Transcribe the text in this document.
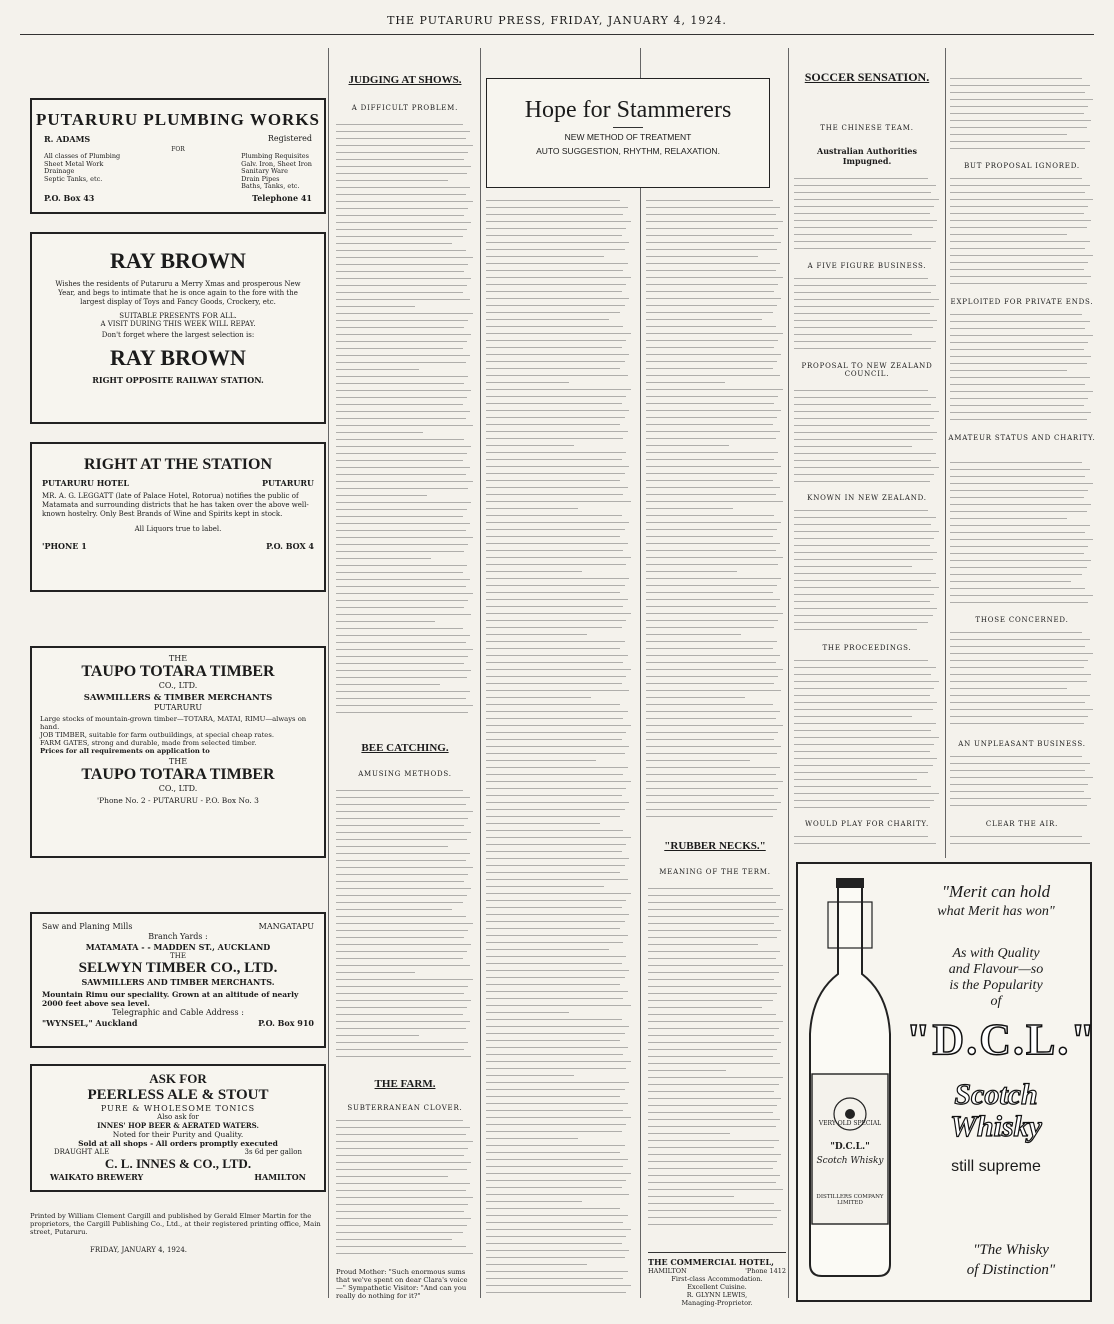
THE PUTARURU PRESS, FRIDAY, JANUARY 4, 1924.
PUTARURU PLUMBING WORKS
R. ADAMS	Registered
FOR
All classes of Plumbing
Sheet Metal Work
Drainage
Septic Tanks, etc.
Plumbing Requisites
Galv. Iron, Sheet Iron
Sanitary Ware
Drain Pipes
Baths, Tanks, etc.
P.O. Box 43	Telephone 41
RAY BROWN
Wishes the residents of Putaruru a Merry Xmas and prosperous New Year, and begs to intimate that he is once again to the fore with the largest display of Toys and Fancy Goods, Crockery, etc.
SUITABLE PRESENTS FOR ALL.
A VISIT DURING THIS WEEK WILL REPAY.
Don't forget where the largest selection is:
RAY BROWN
RIGHT OPPOSITE RAILWAY STATION.
RIGHT AT THE STATION
PUTARURU HOTEL	PUTARURU
MR. A. G. LEGGATT (late of Palace Hotel, Rotorua) notifies the public of Matamata and surrounding districts that he has taken over the above well-known hostelry. Only Best Brands of Wine and Spirits kept in stock.
All Liquors true to label.
'PHONE 1	P.O. BOX 4
THE
TAUPO TOTARA TIMBER
CO., LTD.
SAWMILLERS & TIMBER MERCHANTS
PUTARURU
Large stocks of mountain-grown timber—TOTARA, MATAI, RIMU—always on hand.
JOB TIMBER, suitable for farm outbuildings, at special cheap rates.
FARM GATES, strong and durable, made from selected timber.
Prices for all requirements on application to
THE
TAUPO TOTARA TIMBER
CO., LTD.
'Phone No. 2 - PUTARURU - P.O. Box No. 3
Saw and Planing Mills	MANGATAPU
Branch Yards :
MATAMATA - - MADDEN ST., AUCKLAND
THE
SELWYN TIMBER CO., LTD.
SAWMILLERS AND TIMBER MERCHANTS.
Mountain Rimu our speciality. Grown at an altitude of nearly 2000 feet above sea level.
Telegraphic and Cable Address :
"WYNSEL," Auckland	P.O. Box 910
ASK FOR
PEERLESS ALE & STOUT
PURE & WHOLESOME TONICS
Also ask for
INNES' HOP BEER & AERATED WATERS.
Noted for their Purity and Quality.
Sold at all shops - All orders promptly executed
DRAUGHT ALE	3s 6d per gallon
C. L. INNES & CO., LTD.
WAIKATO BREWERY	HAMILTON
Printed by William Clement Cargill and published by Gerald Elmer Martin for the proprietors, the Cargill Publishing Co., Ltd., at their registered printing office, Main street, Putaruru.
FRIDAY, JANUARY 4, 1924.
JUDGING AT SHOWS.
A DIFFICULT PROBLEM.
BEE CATCHING.
AMUSING METHODS.
THE FARM.
SUBTERRANEAN CLOVER.
Proud Mother: "Such enormous sums that we've spent on dear Clara's voice—" Sympathetic Visitor: "And can you really do nothing for it?"
Hope for Stammerers
NEW METHOD OF TREATMENT
AUTO SUGGESTION, RHYTHM, RELAXATION.
"RUBBER NECKS."
MEANING OF THE TERM.
THE COMMERCIAL HOTEL,
HAMILTON	'Phone 1412
First-class Accommodation.
Excellent Cuisine.
R. GLYNN LEWIS,
Managing-Proprietor.
SOCCER SENSATION.
THE CHINESE TEAM.
Australian Authorities Impugned.
A FIVE FIGURE BUSINESS.
PROPOSAL TO NEW ZEALAND COUNCIL.
KNOWN IN NEW ZEALAND.
THE PROCEEDINGS.
WOULD PLAY FOR CHARITY.
BUT PROPOSAL IGNORED.
EXPLOITED FOR PRIVATE ENDS.
AMATEUR STATUS AND CHARITY.
THOSE CONCERNED.
AN UNPLEASANT BUSINESS.
CLEAR THE AIR.
VERY OLD SPECIAL
"D.C.L."
Scotch Whisky
DISTILLERS COMPANY LIMITED
"Merit can hold
what Merit has won"
As with Quality
and Flavour—so
is the Popularity
of
"D.C.L."
Scotch
Whisky
still supreme
"The Whisky
of Distinction"
